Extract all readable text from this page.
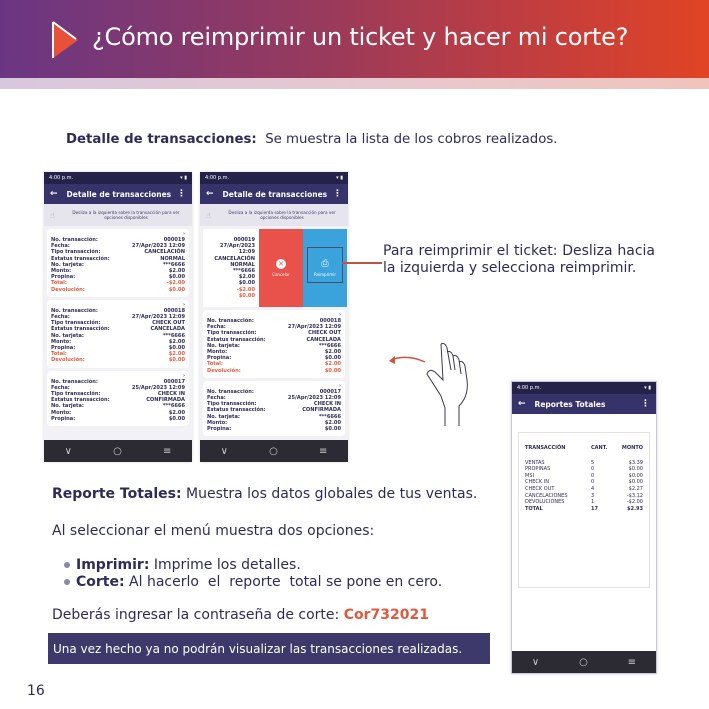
¿Cómo reimprimir un ticket y hacer mi corte?
Detalle de transacciones: Se muestra la lista de los cobros realizados.
4:00 p.m.	▾ ▮
← Detalle de transacciones ⋮
☝	Desliza a la izquierda sobre la transacción para ver opciones disponibles
›
No. transacción:	000019
Fecha:	27/Apr/2023 12:09
Tipo transacción:	CANCELACIÓN
Estatus transacción:	NORMAL
No. tarjeta:	***6666
Monto:	$2.00
Propina:	$0.00
Total:	-$2.00
Devolución:	$0.00
›
No. transacción:	000018
Fecha:	27/Apr/2023 12:09
Tipo transacción:	CHECK OUT
Estatus transacción:	CANCELADA
No. tarjeta:	***6666
Monto:	$2.00
Propina:	$0.00
Total:	$2.00
Devolución:	$0.00
›
No. transacción:	000017
Fecha:	25/Apr/2023 12:09
Tipo transacción:	CHECK IN
Estatus transacción:	CONFIRMADA
No. tarjeta:	***6666
Monto:	$2.00
Propina:	$0.00
∨	○	≡
4:00 p.m.	▾ ▮
← Detalle de transacciones ⋮
☝	Desliza a la izquierda sobre la transacción para ver opciones disponibles
000019
27/Apr/2023 12:09
CANCELACIÓN
NORMAL
***6666
$2.00
$0.00
-$2.00
$0.00
✕
Cancelar
⎙
Reimprimir
›
No. transacción:	000018
Fecha:	27/Apr/2023 12:09
Tipo transacción:	CHECK OUT
Estatus transacción:	CANCELADA
No. tarjeta:	***6666
Monto:	$2.00
Propina:	$0.00
Total:	$2.00
Devolución:	$0.00
›
No. transacción:	000017
Fecha:	25/Apr/2023 12:09
Tipo transacción:	CHECK IN
Estatus transacción:	CONFIRMADA
No. tarjeta:	***6666
Monto:	$2.00
Propina:	$0.00
∨	○	≡
Para reimprimir el ticket: Desliza hacia la izquierda y selecciona reimprimir.
4:00 p.m.	▾ ▮
← Reportes Totales	⋮
TRANSACCIÓN	CANT.	MONTO
VENTAS	5	$3.39
PROPINAS	0	$0.00
MSI	0	$0.00
CHECK IN	0	$0.00
CHECK OUT	4	$2.27
CANCELACIONES	3	-$3.12
DEVOLUCIONES	1	-$2.00
TOTAL	17	$2.93
∨	○	≡
Reporte Totales: Muestra los datos globales de tus ventas.
Al seleccionar el menú muestra dos opciones:
Imprimir: Imprime los detalles.
Corte: Al hacerlo  el  reporte  total se pone en cero.
Deberás ingresar la contraseña de corte: Cor732021
Una vez hecho ya no podrán visualizar las transacciones realizadas.
16
